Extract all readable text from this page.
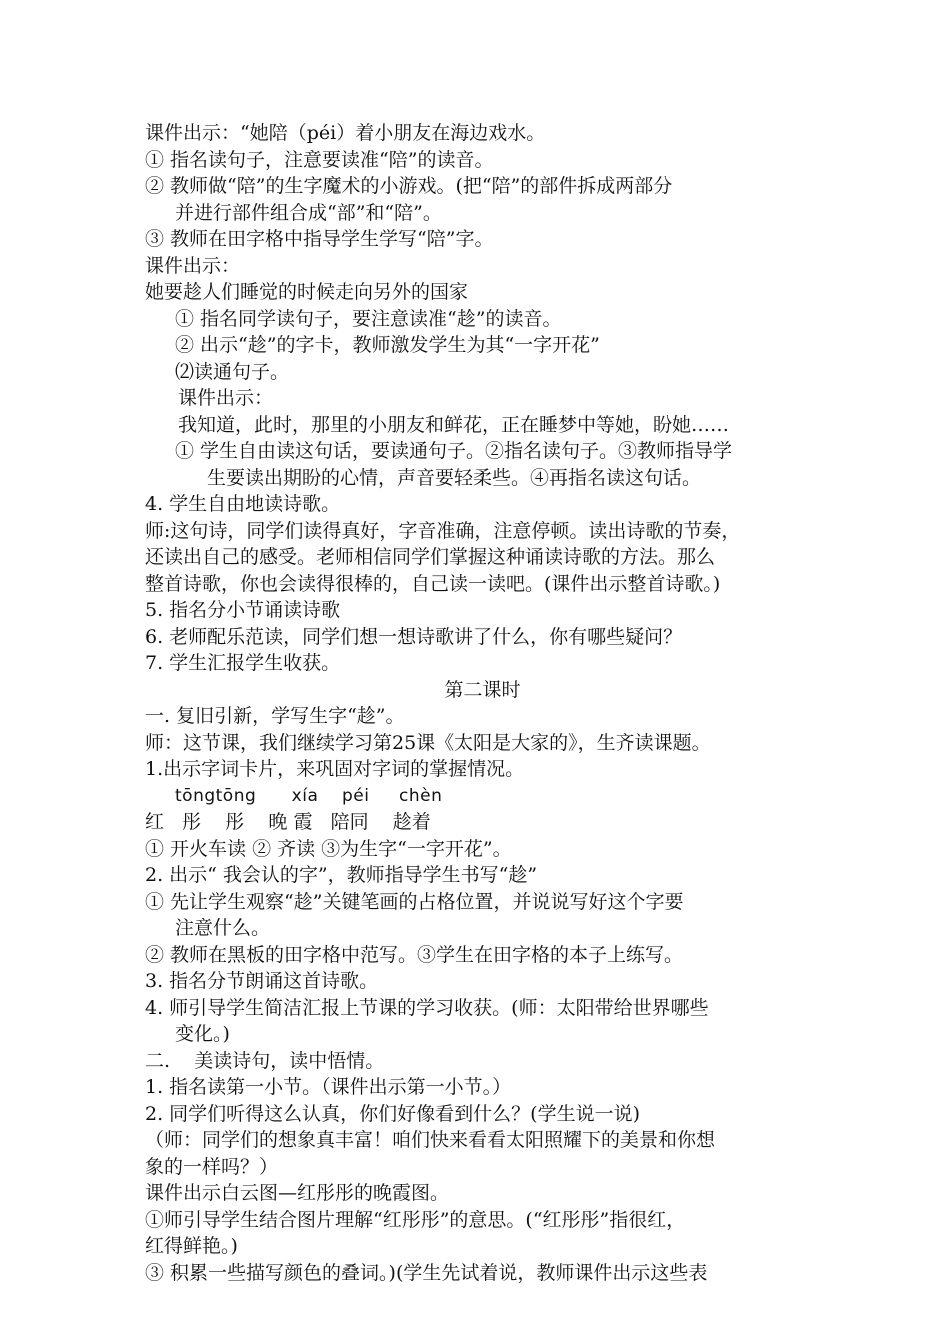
课件出示：“她陪（péi）着小朋友在海边戏水。
① 指名读句子，注意要读准“陪”的读音。
② 教师做“陪”的生字魔术的小游戏。(把“陪”的部件拆成两部分
并进行部件组合成“部”和“陪”。
③ 教师在田字格中指导学生学写“陪”字。
课件出示：
她要趁人们睡觉的时候走向另外的国家
① 指名同学读句子，要注意读准“趁”的读音。
② 出示“趁”的字卡，教师激发学生为其“一字开花”
⑵读通句子。
课件出示：
我知道，此时，那里的小朋友和鲜花，正在睡梦中等她，盼她……
① 学生自由读这句话，要读通句子。②指名读句子。③教师指导学
生要读出期盼的心情，声音要轻柔些。④再指名读这句话。
4. 学生自由地读诗歌。
师:这句诗，同学们读得真好，字音准确，注意停顿。读出诗歌的节奏，
还读出自己的感受。老师相信同学们掌握这种诵读诗歌的方法。那么
整首诗歌，你也会读得很棒的，自己读一读吧。(课件出示整首诗歌。)
5. 指名分小节诵读诗歌
6. 老师配乐范读，同学们想一想诗歌讲了什么，你有哪些疑问？
7. 学生汇报学生收获。
第二课时
一. 复旧引新，学写生字“趁”。
师：这节课，我们继续学习第25课《太阳是大家的》，生齐读课题。
1.出示字词卡片，来巩固对字词的掌握情况。
tōngtōng      xía    péi     chèn
红   彤    彤    晚 霞   陪同    趁着
① 开火车读 ② 齐读 ③为生字“一字开花”。
2. 出示“ 我会认的字”，教师指导学生书写“趁”
① 先让学生观察“趁”关键笔画的占格位置，并说说写好这个字要
注意什么。
② 教师在黑板的田字格中范写。③学生在田字格的本子上练写。
3. 指名分节朗诵这首诗歌。
4. 师引导学生简洁汇报上节课的学习收获。(师：太阳带给世界哪些
变化。)
二.    美读诗句，读中悟情。
1. 指名读第一小节。（课件出示第一小节。）
2. 同学们听得这么认真，你们好像看到什么？(学生说一说)
（师：同学们的想象真丰富！咱们快来看看太阳照耀下的美景和你想
象的一样吗？）
课件出示白云图—红彤彤的晚霞图。
①师引导学生结合图片理解“红彤彤”的意思。(“红彤彤”指很红，
红得鲜艳。)
③ 积累一些描写颜色的叠词。)(学生先试着说，教师课件出示这些表
